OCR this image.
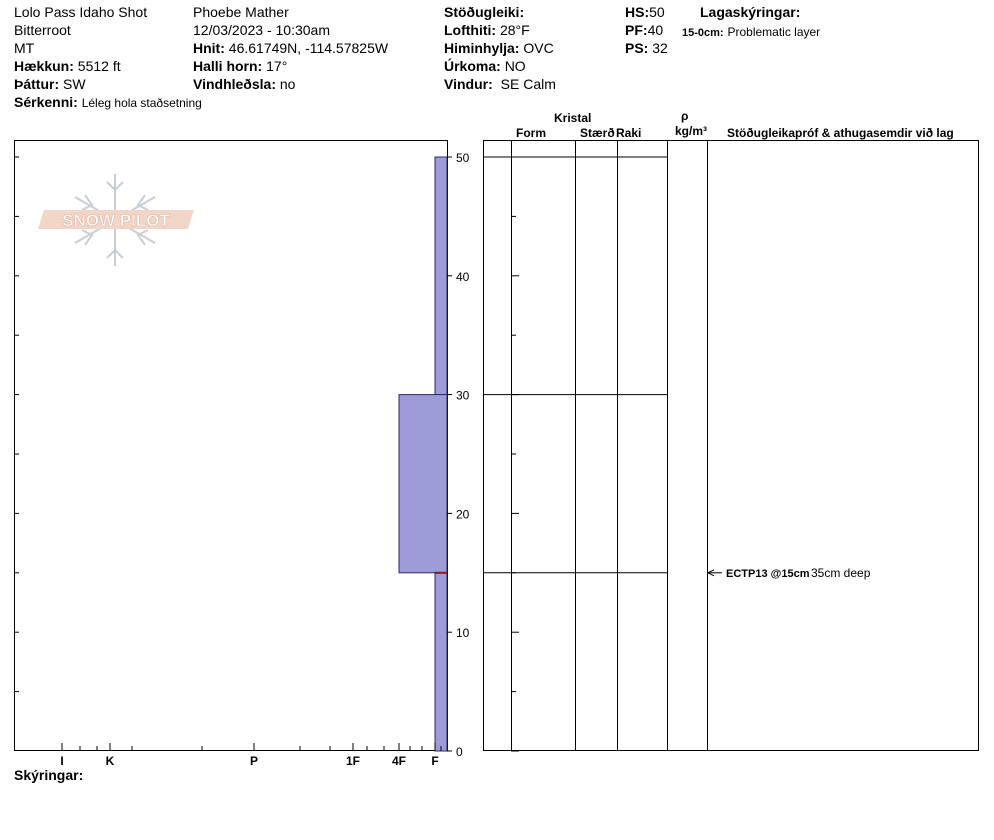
Lolo Pass Idaho Shot
Bitterroot
MT
Hækkun: 5512 ft
Þáttur: SW
Sérkenni: Léleg hola staðsetning
Phoebe Mather
12/03/2023 - 10:30am
Hnit: 46.61749N, -114.57825W
Halli horn: 17°
Vindhleðsla: no
Stöðugleiki:
Lofthiti: 28°F
Himinhylja: OVC
Úrkoma: NO
Vindur: SE Calm
HS:50
PF:40
PS: 32
Lagaskýringar:
15-0cm: Problematic layer
Kristal
Form	Stærð Raki
ρ
kg/m³ Stöðugleikapróf & athugasemdir við lag
SNOW PILOT
I	K	P	1F	4F F
0
10
20
30
40
50
ECTP13 @15cm 35cm deep
Skýringar:
